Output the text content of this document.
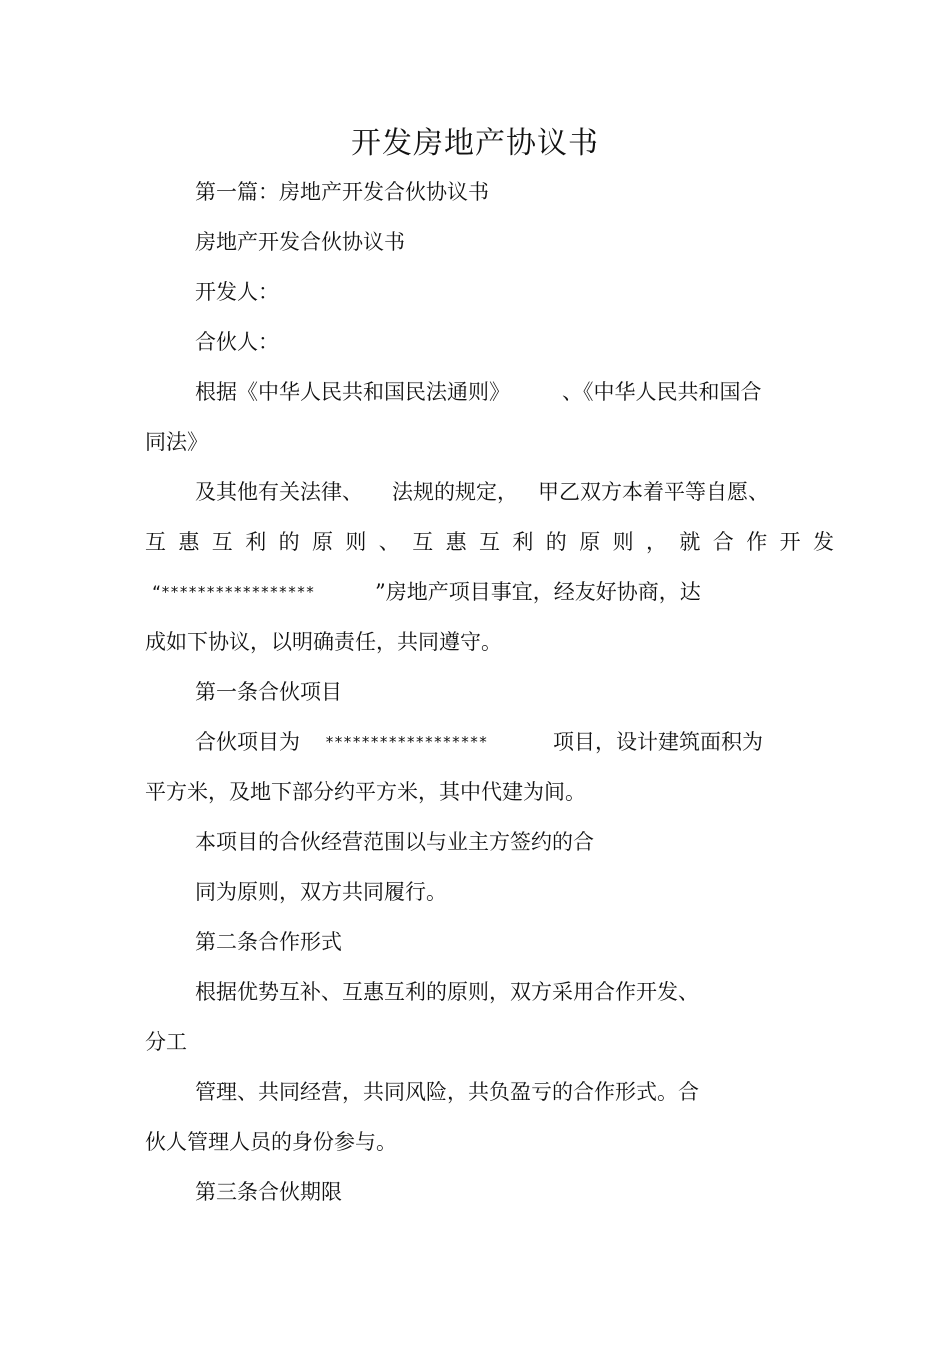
开发房地产协议书
第一篇：房地产开发合伙协议书
房地产开发合伙协议书
开发人：
合伙人：
根据《中华人民共和国民法通则》 、《中华人民共和国合
同法》
及其他有关法律、 法规的规定， 甲乙双方本着平等自愿、
互惠互利的原则、互惠互利的原则，就合作开发
“*****************	”房地产项目事宜，经友好协商，达
成如下协议，以明确责任，共同遵守。
第一条合伙项目
合伙项目为 ******************	项目，设计建筑面积为
平方米，及地下部分约平方米，其中代建为间。
本项目的合伙经营范围以与业主方签约的合
同为原则，双方共同履行。
第二条合作形式
根据优势互补、互惠互利的原则，双方采用合作开发、
分工
管理、共同经营，共同风险，共负盈亏的合作形式。合
伙人管理人员的身份参与。
第三条合伙期限
